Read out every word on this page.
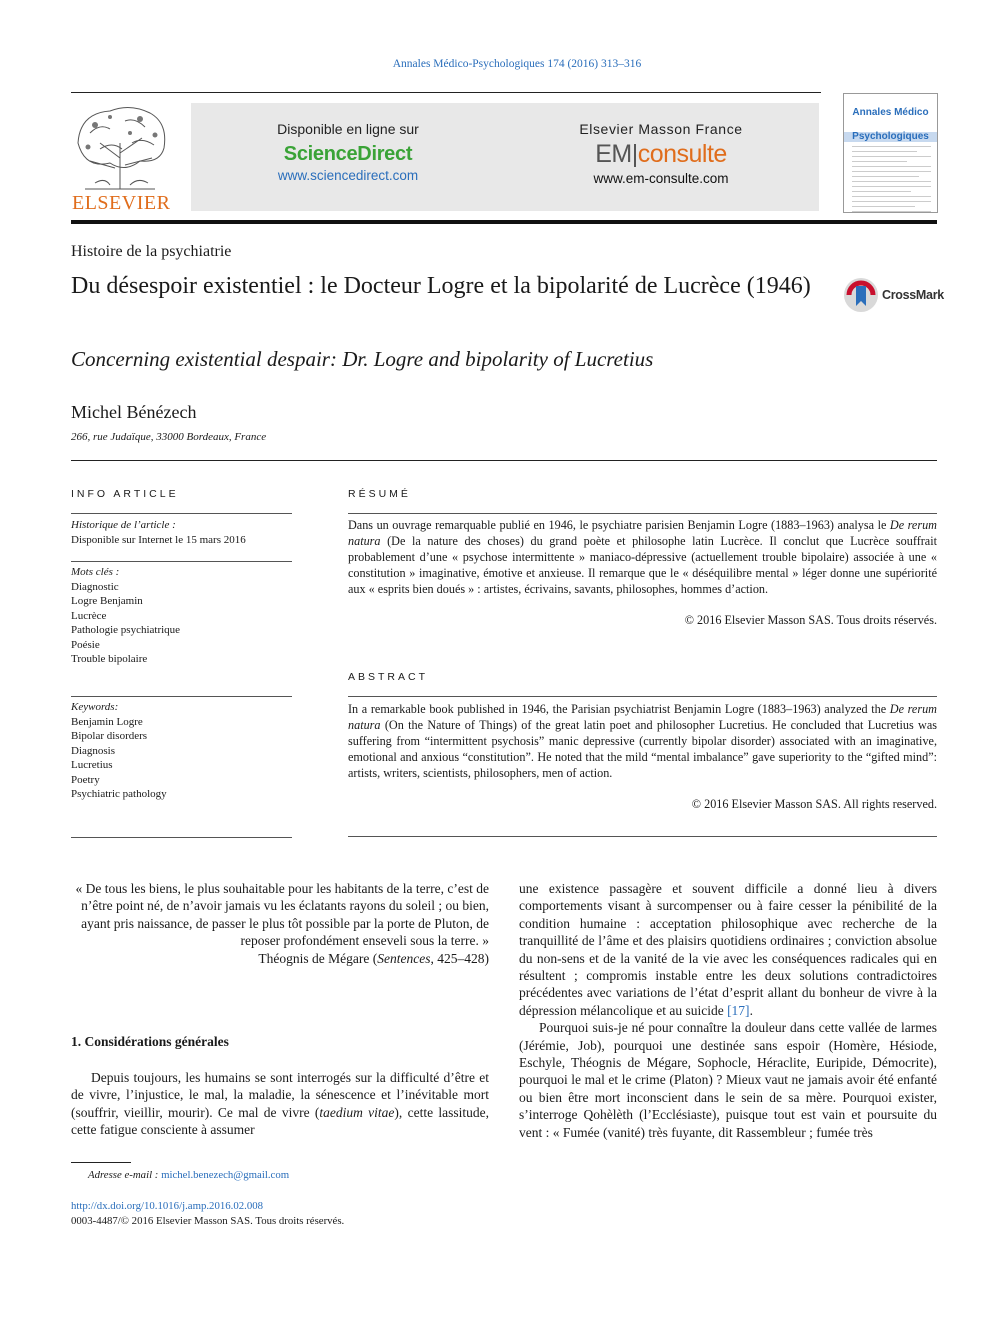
Annales Médico-Psychologiques 174 (2016) 313–316
ELSEVIER
Disponible en ligne sur
ScienceDirect
www.sciencedirect.com
Elsevier Masson France
EM|consulte
www.em-consulte.com
Annales Médico
Psychologiques
Histoire de la psychiatrie
Du désespoir existentiel : le Docteur Logre et la bipolarité de Lucrèce (1946)	CrossMark
Concerning existential despair: Dr. Logre and bipolarity of Lucretius
Michel Bénézech
266, rue Judaïque, 33000 Bordeaux, France
INFO ARTICLE
Historique de l’article :
Disponible sur Internet le 15 mars 2016
Mots clés :
Diagnostic
Logre Benjamin
Lucrèce
Pathologie psychiatrique
Poésie
Trouble bipolaire
Keywords:
Benjamin Logre
Bipolar disorders
Diagnosis
Lucretius
Poetry
Psychiatric pathology
RÉSUMÉ
Dans un ouvrage remarquable publié en 1946, le psychiatre parisien Benjamin Logre (1883–1963) analysa le De rerum natura (De la nature des choses) du grand poète et philosophe latin Lucrèce. Il conclut que Lucrèce souffrait probablement d’une « psychose intermittente » maniaco-dépressive (actuellement trouble bipolaire) associée à une « constitution » imaginative, émotive et anxieuse. Il remarque que le « déséquilibre mental » léger donne une supériorité aux « esprits bien doués » : artistes, écrivains, savants, philosophes, hommes d’action.
© 2016 Elsevier Masson SAS. Tous droits réservés.
ABSTRACT
In a remarkable book published in 1946, the Parisian psychiatrist Benjamin Logre (1883–1963) analyzed the De rerum natura (On the Nature of Things) of the great latin poet and philosopher Lucretius. He concluded that Lucretius was suffering from “intermittent psychosis” manic depressive (currently bipolar disorder) associated with an imaginative, emotional and anxious “constitution”. He noted that the mild “mental imbalance” gave superiority to the “gifted mind”: artists, writers, scientists, philosophers, men of action.
© 2016 Elsevier Masson SAS. All rights reserved.

« De tous les biens, le plus souhaitable pour les habitants de la terre, c’est de n’être point né, de n’avoir jamais vu les éclatants rayons du soleil ; ou bien, ayant pris naissance, de passer le plus tôt possible par la porte de Pluton, de reposer profondément enseveli sous la terre. »

Théognis de Mégare (Sentences, 425–428)

1. Considérations générales
Depuis toujours, les humains se sont interrogés sur la difficulté d’être et de vivre, l’injustice, le mal, la maladie, la sénescence et l’inévitable mort (souffrir, vieillir, mourir). Ce mal de vivre (taedium vitae), cette lassitude, cette fatigue consciente à assumer

une existence passagère et souvent difficile a donné lieu à divers comportements visant à surcompenser ou à faire cesser la pénibilité de la condition humaine : acceptation philosophique avec recherche de la tranquillité de l’âme et des plaisirs quotidiens ordinaires ; conviction absolue du non-sens et de la vanité de la vie avec les conséquences radicales qui en résultent ; compromis instable entre les deux solutions contradictoires précédentes avec variations de l’état d’esprit allant du bonheur de vivre à la dépression mélancolique et au suicide [17].

Pourquoi suis-je né pour connaître la douleur dans cette vallée de larmes (Jérémie, Job), pourquoi une destinée sans espoir (Homère, Hésiode, Eschyle, Théognis de Mégare, Sophocle, Héraclite, Euripide, Démocrite), pourquoi le mal et le crime (Platon) ? Mieux vaut ne jamais avoir été enfanté ou bien être mort inconscient dans le sein de sa mère. Pourquoi exister, s’interroge Qohèlèth (l’Ecclésiaste), puisque tout est vain et poursuite du vent : « Fumée (vanité) très fuyante, dit Rassembleur ; fumée très

Adresse e-mail : michel.benezech@gmail.com
http://dx.doi.org/10.1016/j.amp.2016.02.008
0003-4487/© 2016 Elsevier Masson SAS. Tous droits réservés.
